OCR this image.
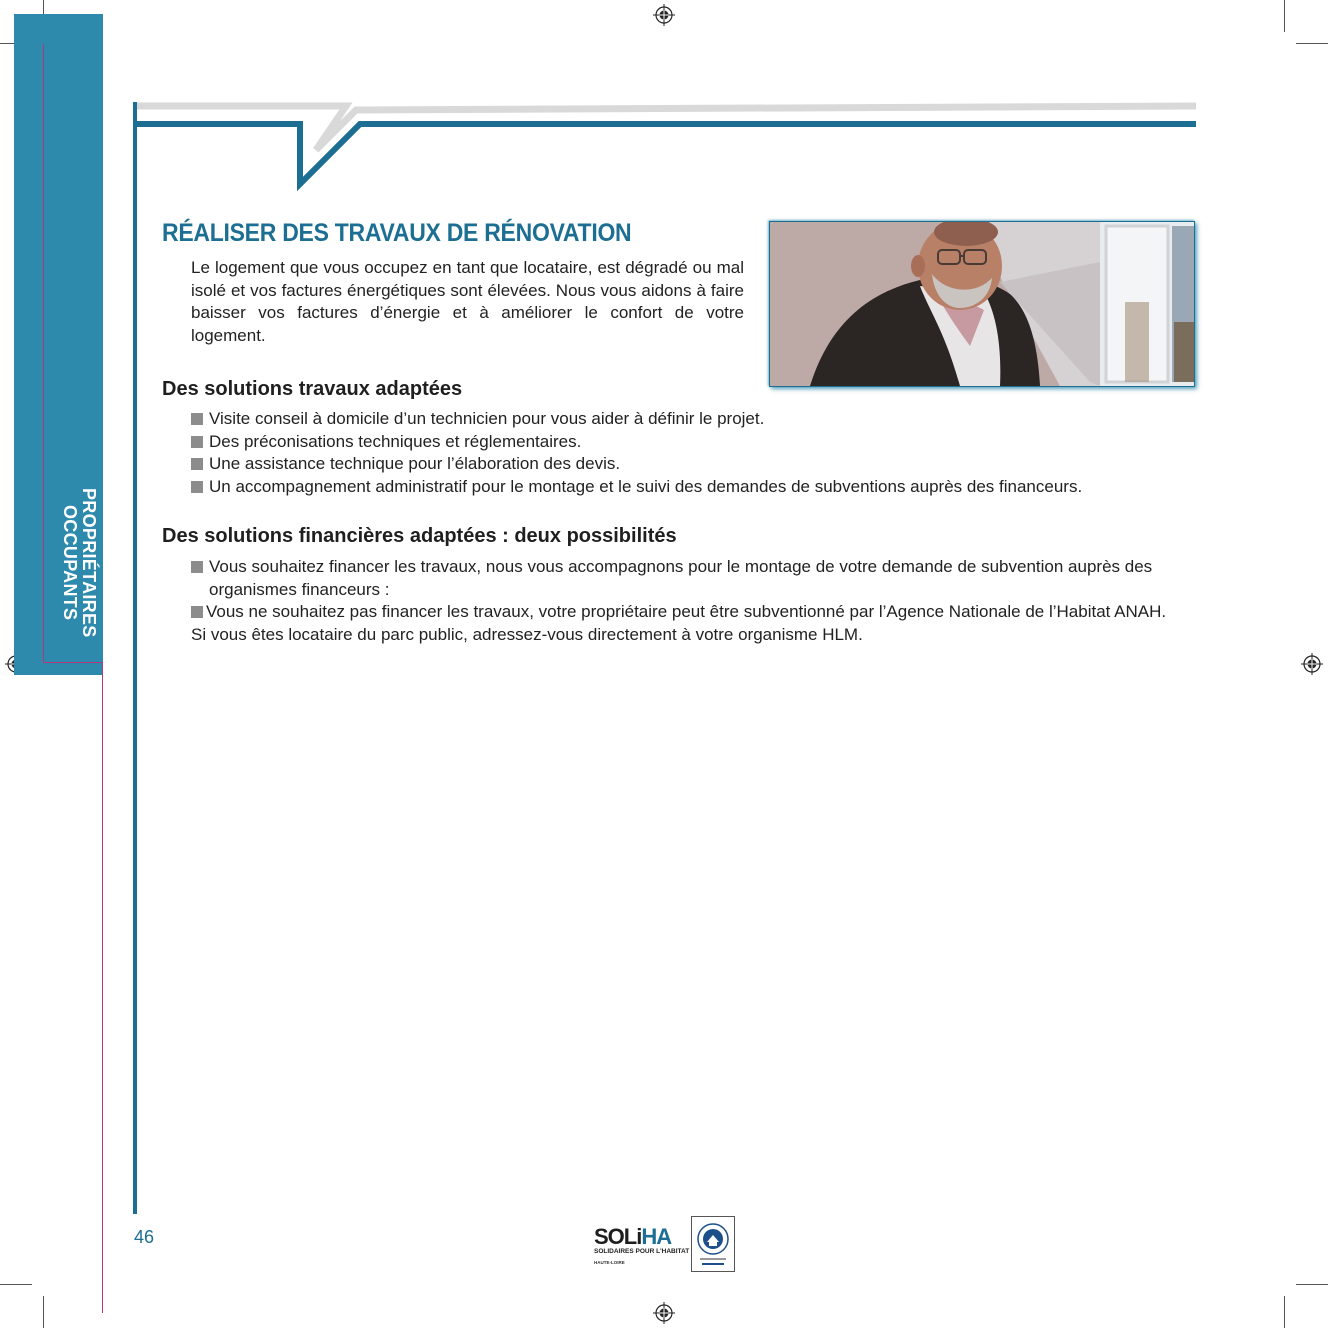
PROPRIÉTAIRES
OCCUPANTS
RÉALISER DES TRAVAUX DE RÉNOVATION
Le logement que vous occupez en tant que locataire, est dégradé ou mal isolé et vos factures énergétiques sont élevées. Nous vous aidons à faire baisser vos factures d’énergie et à améliorer le confort de votre logement.
Des solutions travaux adaptées
Visite conseil à domicile d’un technicien pour vous aider à définir le projet.
Des préconisations techniques et réglementaires.
Une assistance technique pour l’élaboration des devis.
Un accompagnement administratif pour le montage et le suivi des demandes de subventions auprès des financeurs.
Des solutions financières adaptées : deux possibilités
Vous souhaitez financer les travaux, nous vous accompagnons pour le montage de votre demande de subvention auprès des
organismes financeurs :
Vous ne souhaitez pas financer les travaux, votre propriétaire peut être subventionné par l’Agence Nationale de l’Habitat ANAH.
Si vous êtes locataire du parc public, adressez-vous directement à votre organisme HLM.
46	SOLiHA
SOLIDAIRES POUR L'HABITAT
HAUTE-LOIRE
